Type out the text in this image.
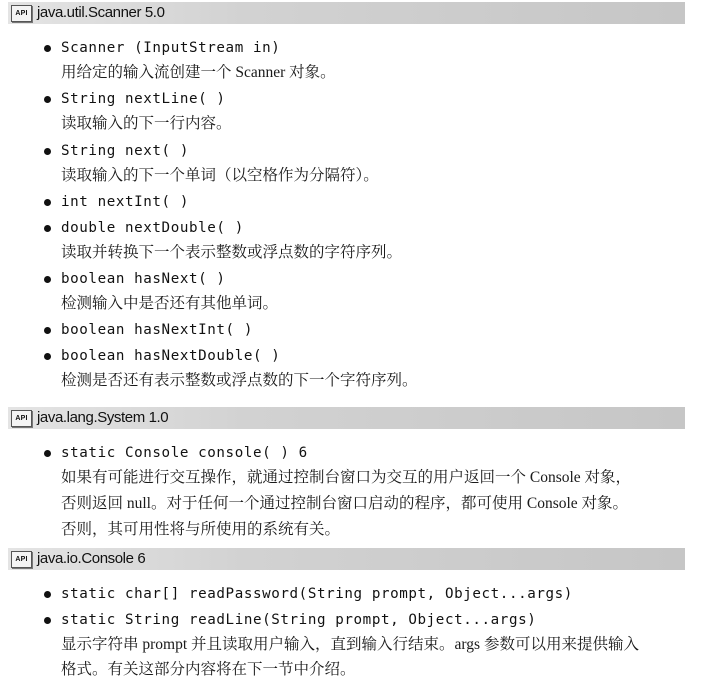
API java.util.Scanner 5.0
Scanner (InputStream in)
用给定的输入流创建一个 Scanner 对象。
String nextLine( )
读取输入的下一行内容。
String next( )
读取输入的下一个单词（以空格作为分隔符）。
int nextInt( )
double nextDouble( )
读取并转换下一个表示整数或浮点数的字符序列。
boolean hasNext( )
检测输入中是否还有其他单词。
boolean hasNextInt( )
boolean hasNextDouble( )
检测是否还有表示整数或浮点数的下一个字符序列。
API java.lang.System 1.0
static Console console( ) 6
如果有可能进行交互操作，就通过控制台窗口为交互的用户返回一个 Console 对象，
否则返回 null。对于任何一个通过控制台窗口启动的程序，都可使用 Console 对象。
否则，其可用性将与所使用的系统有关。
API java.io.Console 6
static char[] readPassword(String prompt, Object...args)
static String readLine(String prompt, Object...args)
显示字符串 prompt 并且读取用户输入，直到输入行结束。args 参数可以用来提供输入
格式。有关这部分内容将在下一节中介绍。
